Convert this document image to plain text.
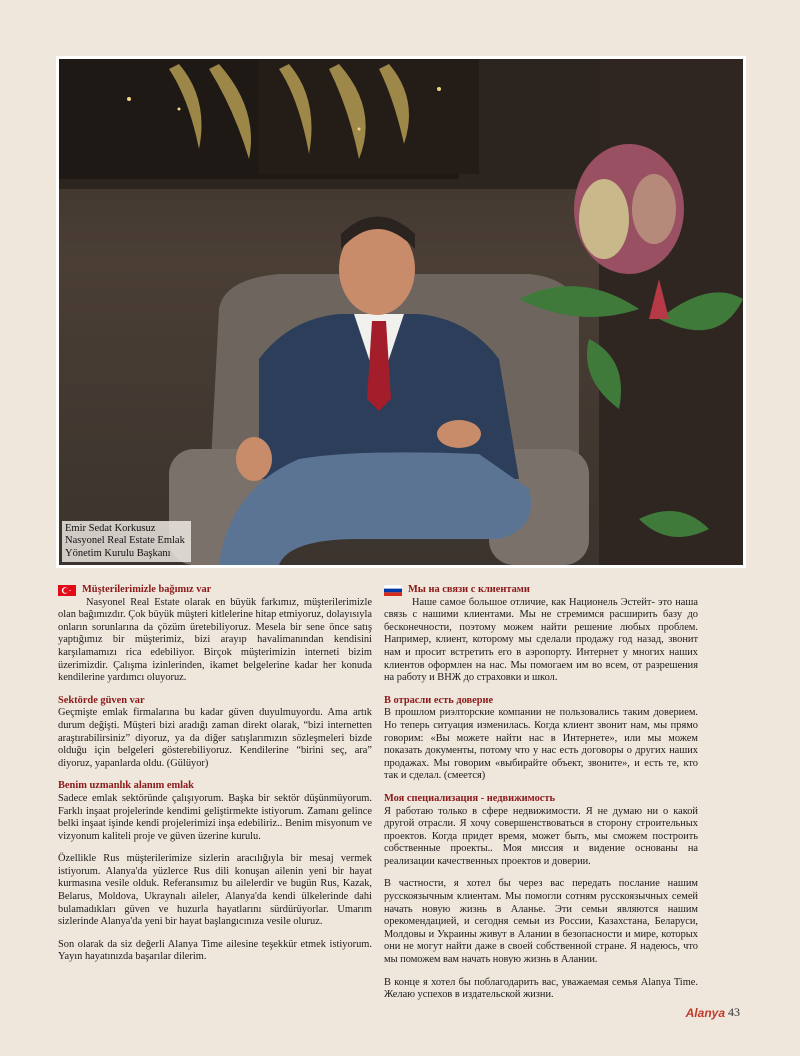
Emir Sedat Korkusuz
Nasyonel Real Estate Emlak
Yönetim Kurulu Başkanı
Müşterilerimizle bağımız var

Nasyonel Real Estate olarak en büyük farkımız, müşterilerimizle olan bağımızdır. Çok büyük müşteri kitlelerine hitap etmiyoruz, dolayısıyla onların sorunlarına da çözüm üretebiliyoruz. Mesela bir sene önce satış yaptığımız bir müşterimiz, bizi arayıp havalimanından kendisini karşılamamızı rica edebiliyor. Birçok müşterimizin interneti bizim üzerimizdir. Çalışma izinlerinden, ikamet belgelerine kadar her konuda kendilerine yardımcı oluyoruz.

Sektörde güven var

Geçmişte emlak firmalarına bu kadar güven duyulmuyordu. Ama artık durum değişti. Müşteri bizi aradığı zaman direkt olarak, “bizi internetten araştırabilirsiniz” diyoruz, ya da diğer satışlarımızın sözleşmeleri bizde olduğu için belgeleri gösterebiliyoruz. Kendilerine “birini seç, ara” diyoruz, yapanlarda oldu. (Gülüyor)

Benim uzmanlık alanım emlak

Sadece emlak sektöründe çalışıyorum. Başka bir sektör düşünmüyorum. Farklı inşaat projelerinde kendimi geliştirmekte istiyorum. Zamanı gelince belki inşaat işinde kendi projelerimizi inşa edebiliriz.. Benim misyonum ve vizyonum kaliteli proje ve güven üzerine kurulu.

Özellikle Rus müşterilerimize sizlerin aracılığıyla bir mesaj vermek istiyorum. Alanya'da yüzlerce Rus dili konuşan ailenin yeni bir hayat kurmasına vesile olduk. Referansımız bu ailelerdir ve bugün Rus, Kazak, Belarus, Moldova, Ukraynalı aileler, Alanya'da kendi ülkelerinde dahi bulamadıkları güven ve huzurla hayatlarını sürdürüyorlar. Umarım sizlerinde Alanya'da yeni bir hayat başlangıcınıza vesile oluruz.

Son olarak da siz değerli Alanya Time ailesine teşekkür etmek istiyorum. Yayın hayatınızda başarılar dilerim.

Мы на связи с клиентами

Наше самое большое отличие, как Национель Эстейт- это наша связь с нашими клиентами. Мы не стремимся расширить базу до бесконечности, поэтому можем найти решение любых проблем. Например, клиент, которому мы сделали продажу год назад, звонит нам и просит встретить его в аэропорту. Интернет у многих наших клиентов оформлен на нас. Мы помогаем им во всем, от разрешения на работу и ВНЖ до страховки и школ.

В отрасли есть доверие

В прошлом риэлторские компании не пользовались таким доверием. Но теперь ситуация изменилась. Когда клиент звонит нам, мы прямо говорим: «Вы можете найти нас в Интернете», или мы можем показать документы, потому что у нас есть договоры о других наших продажах. Мы говорим «выбирайте объект, звоните», и есть те, кто так и сделал. (смеется)

Моя специализация - недвижимость

Я работаю только в сфере недвижимости. Я не думаю ни о какой другой отрасли. Я хочу совершенствоваться в сторону строительных проектов. Когда придет время, может быть, мы сможем построить собственные проекты.. Моя миссия и видение основаны на реализации качественных проектов и доверии.

В частности, я хотел бы через вас передать послание нашим русскоязычным клиентам. Мы помогли сотням русскоязычных семей начать новую жизнь в Аланье. Эти семьи являются нашим орекомендацией, и сегодня семьи из России, Казахстана, Беларуси, Молдовы и Украины живут в Алании в безопасности и мире, которых они не могут найти даже в своей собственной стране. Я надеюсь, что мы поможем вам начать новую жизнь в Алании.

В конце я хотел бы поблагодарить вас, уважаемая семья Alanya Time. Желаю успехов в издательской жизни.

Alanya 43
